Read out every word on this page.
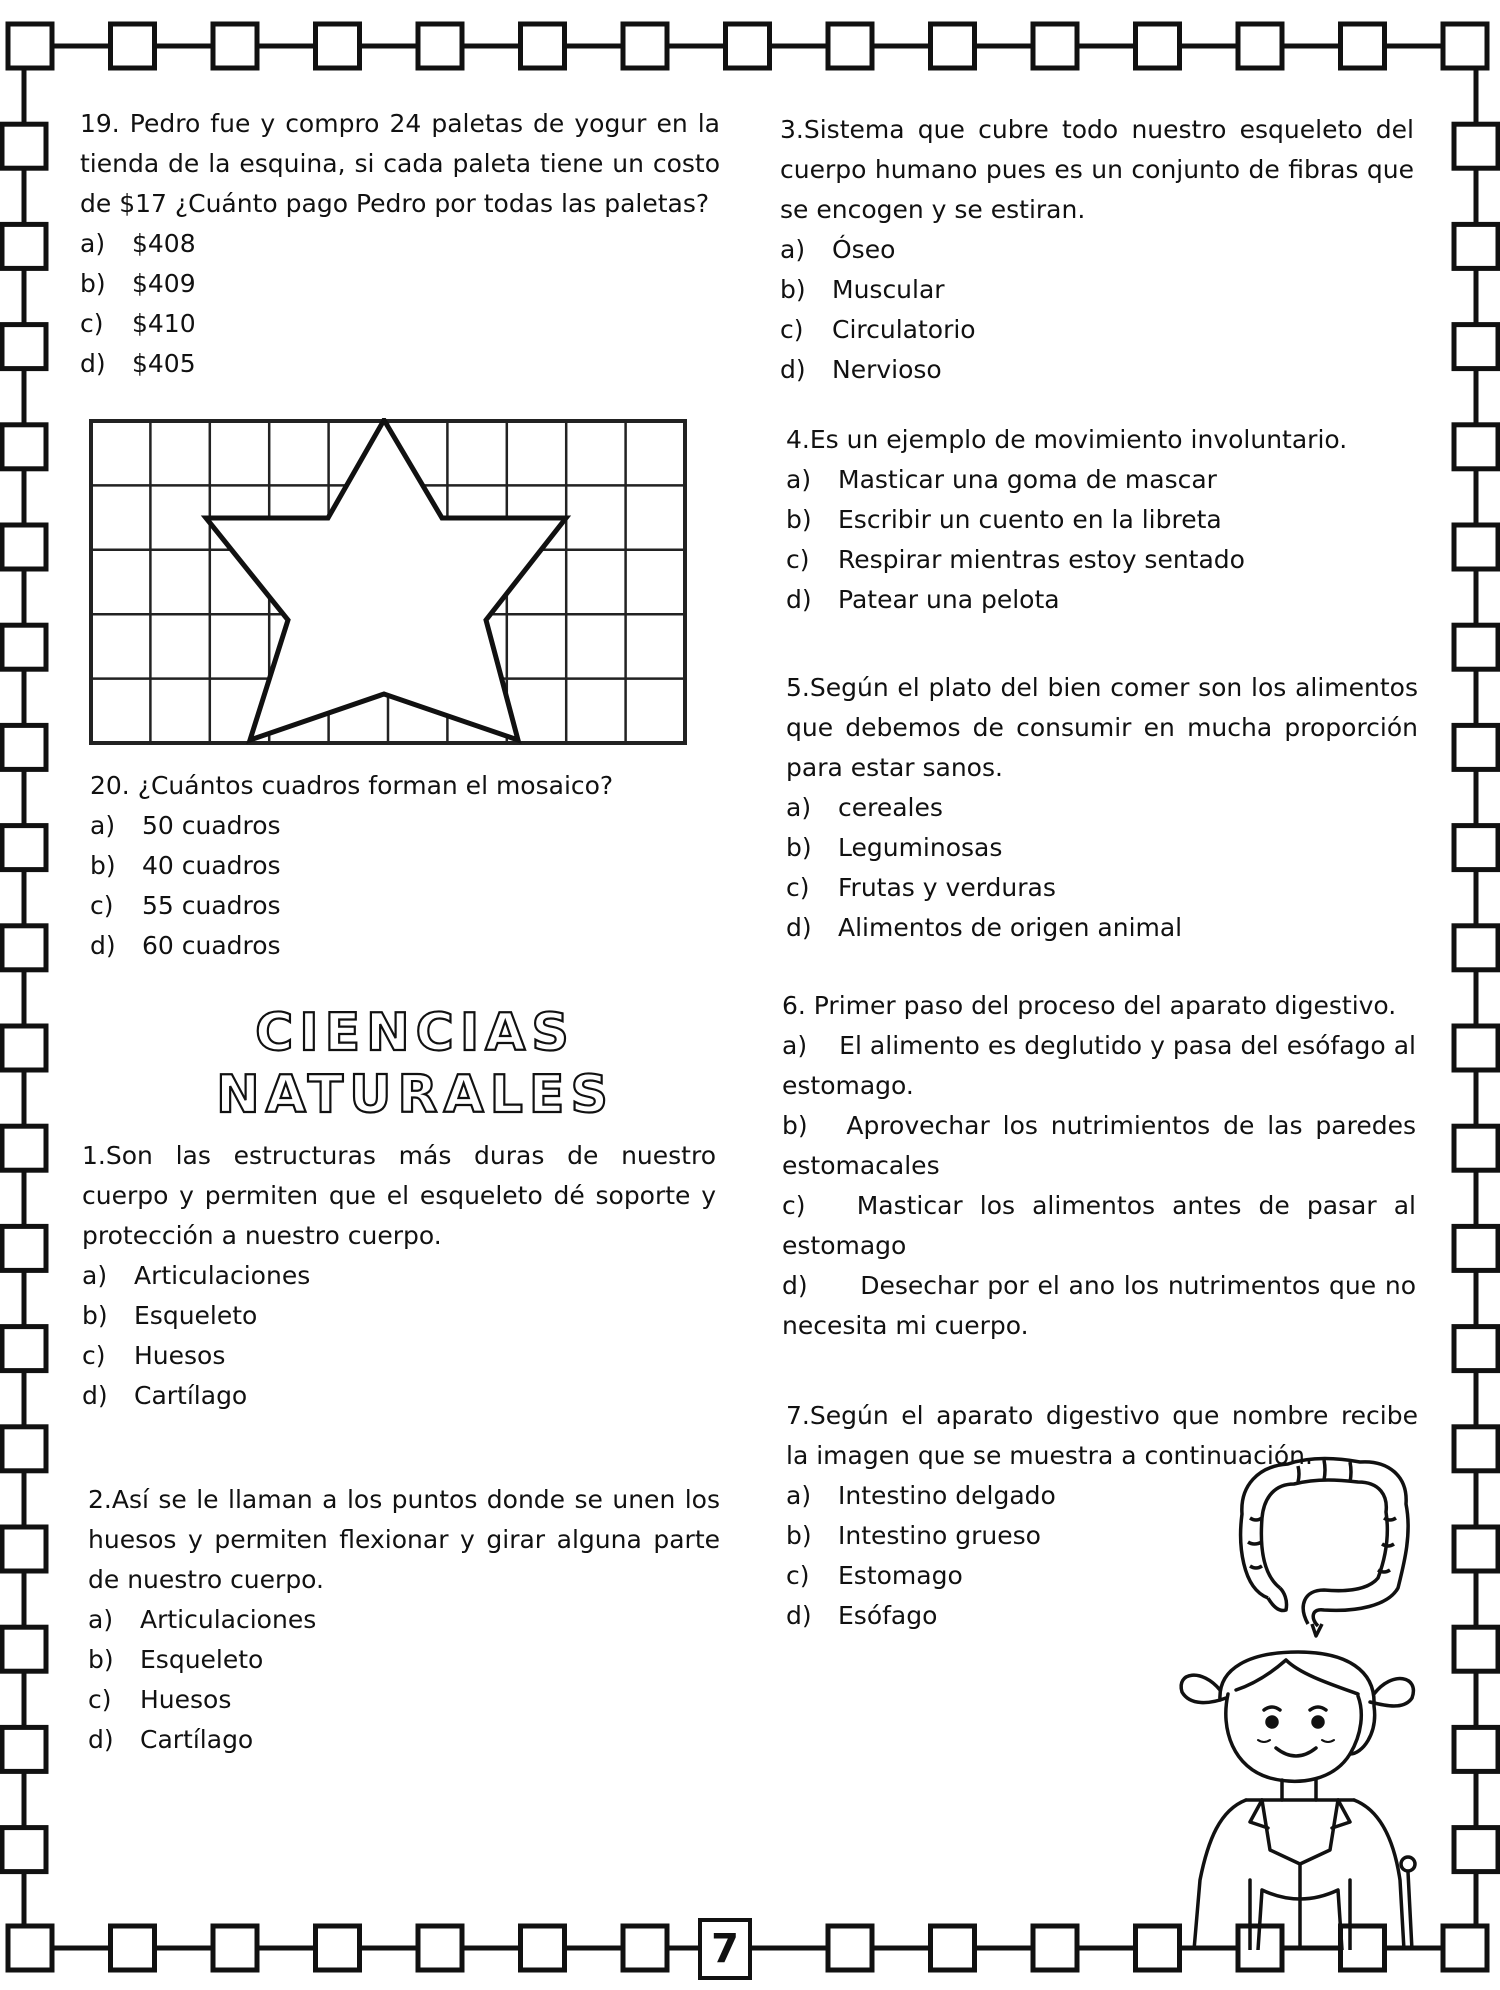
19. Pedro fue y compro 24 paletas de yogur en la tienda de la esquina, si cada paleta tiene un costo de $17 ¿Cuánto pago Pedro por todas las paletas?

a)	$408
b)	$409
c)	$410
d)	$405

20. ¿Cuántos cuadros forman el mosaico?

a)	50 cuadros
b)	40 cuadros
c)	55 cuadros
d)	60 cuadros
CIENCIAS
NATURALES

1.Son las estructuras más duras de nuestro cuerpo y permiten que el esqueleto dé soporte y protección a nuestro cuerpo.

a)	Articulaciones
b)	Esqueleto
c)	Huesos
d)	Cartílago

2.Así se le llaman a los puntos donde se unen los huesos y permiten flexionar y girar alguna parte de nuestro cuerpo.

a)	Articulaciones
b)	Esqueleto
c)	Huesos
d)	Cartílago

3.Sistema que cubre todo nuestro esqueleto del cuerpo humano pues es un conjunto de fibras que se encogen y se estiran.

a)	Óseo
b)	Muscular
c)	Circulatorio
d)	Nervioso

4.Es un ejemplo de movimiento involuntario.

a)	Masticar una goma de mascar
b)	Escribir un cuento en la libreta
c)	Respirar mientras estoy sentado
d)	Patear una pelota

5.Según el plato del bien comer son los alimentos que debemos de consumir en mucha proporción para estar sanos.

a)	cereales
b)	Leguminosas
c)	Frutas y verduras
d)	Alimentos de origen animal

6. Primer paso del proceso del aparato digestivo.

a) El alimento es deglutido y pasa del esófago al estomago.

b) Aprovechar los nutrimientos de las paredes estomacales

c) Masticar los alimentos antes de pasar al estomago

d) Desechar por el ano los nutrimentos que no necesita mi cuerpo.

7.Según el aparato digestivo que nombre recibe la imagen que se muestra a continuación.

a)	Intestino delgado
b)	Intestino grueso
c)	Estomago
d)	Esófago
7
